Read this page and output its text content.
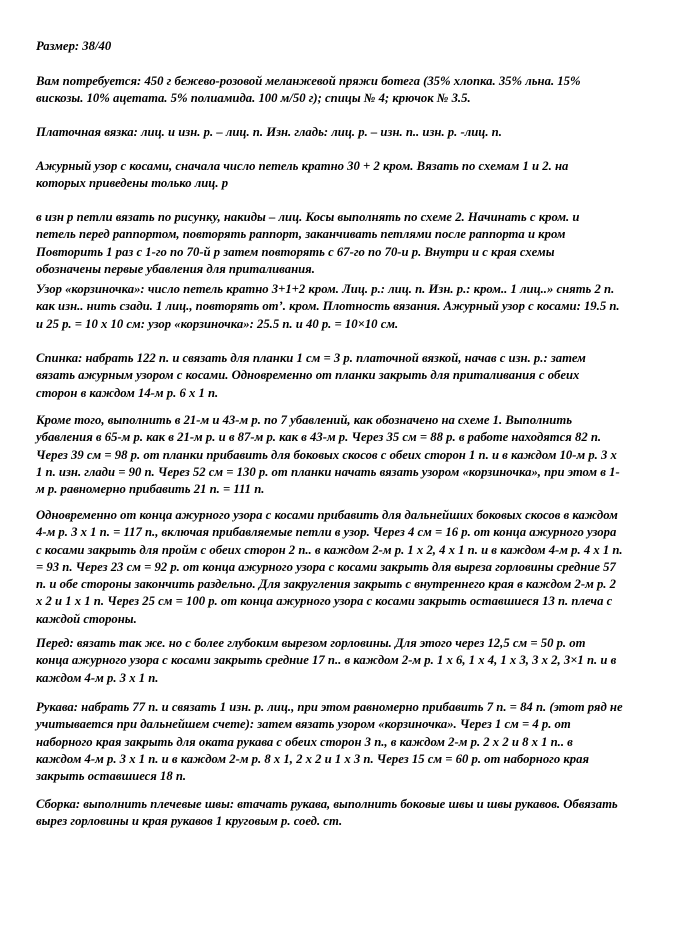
Размер: 38/40
Вам потребуется: 450 г бежево-розовой меланжевой пряжи ботега (35% хлопка. 35% льна. 15%
вискозы. 10% ацетата. 5% полиамида. 100 м/50 г); спицы № 4; крючок № 3.5.
Платочная вязка: лиц. и изн. р. – лиц. п. Изн. гладь: лиц. р. – изн. п.. изн. р. -лиц. п.
Ажурный узор с косами, сначала число петель кратно 30 + 2 кром. Вязать по схемам 1 и 2. на
которых приведены только лиц. р
в изн р петли вязать по рисунку, накиды – лиц. Косы выполнять по схеме 2. Начинать с кром. и
петель перед раппортом, повторять раппорт, заканчивать петлями после раппорта и кром
Повторить 1 раз с 1-го по 70-й р затем повторять с 67-го по 70-и р. Внутри и с края схемы
обозначены первые убавления для приталивания.
Узор «корзиночка»: число петель кратно 3+1+2 кром. Лиц. р.: лиц. п. Изн. р.: кром.. 1 лиц..» снять 2 п.
как изн.. нить сзади. 1 лиц., повторять от’. кром. Плотность вязания. Ажурный узор с косами: 19.5 п.
и 25 р. = 10 х 10 см: узор «корзиночка»: 25.5 п. и 40 р. = 10×10 см.
Спинка: набрать 122 п. и связать для планки 1 см = 3 р. платочной вязкой, начав с изн. р.: затем
вязать ажурным узором с косами. Одновременно от планки закрыть для приталивания с обеих
сторон в каждом 14-м р. 6 х 1 п.
Кроме того, выполнить в 21-м и 43-м р. по 7 убавлений, как обозначено на схеме 1. Выполнить
убавления в 65-м р. как в 21-м р. и в 87-м р. как в 43-м р. Через 35 см = 88 р. в работе находятся 82 п.
Через 39 см = 98 р. от планки прибавить для боковых скосов с обеих сторон 1 п. и в каждом 10-м р. 3 х
1 п. изн. глади = 90 п. Через 52 см = 130 р. от планки начать вязать узором «корзиночка», при этом в 1-
м р. равномерно прибавить 21 п. = 111 п.
Одновременно от конца ажурного узора с косами прибавить для дальнейших боковых скосов в каждом
4-м р. 3 х 1 п. = 117 п., включая прибавляемые петли в узор. Через 4 см = 16 р. от конца ажурного узора
с косами закрыть для пройм с обеих сторон 2 п.. в каждом 2-м р. 1 х 2, 4 х 1 п. и в каждом 4-м р. 4 х 1 п.
= 93 п. Через 23 см = 92 р. от конца ажурного узора с косами закрыть для выреза горловины средние 57
п. и обе стороны закончить раздельно. Для закругления закрыть с внутреннего края в каждом 2-м р. 2
х 2 и 1 х 1 п. Через 25 см = 100 р. от конца ажурного узора с косами закрыть оставшиеся 13 п. плеча с
каждой стороны.
Перед: вязать так же. но с более глубоким вырезом горловины. Для этого через 12,5 см = 50 р. от
конца ажурного узора с косами закрыть средние 17 п.. в каждом 2-м р. 1 х 6, 1 х 4, 1 х 3, 3 х 2, 3×1 п. и в
каждом 4-м р. 3 х 1 п.
Рукава: набрать 77 п. и связать 1 изн. р. лиц., при этом равномерно прибавить 7 п. = 84 п. (этот ряд не
учитывается при дальнейшем счете): затем вязать узором «корзиночка». Через 1 см = 4 р. от
наборного края закрыть для оката рукава с обеих сторон 3 п., в каждом 2-м р. 2 х 2 и 8 х 1 п.. в
каждом 4-м р. 3 х 1 п. и в каждом 2-м р. 8 х 1, 2 х 2 и 1 х 3 п. Через 15 см = 60 р. от наборного края
закрыть оставшиеся 18 п.
Сборка: выполнить плечевые швы: втачать рукава, выполнить боковые швы и швы рукавов. Обвязать
вырез горловины и края рукавов 1 круговым р. соед. ст.
